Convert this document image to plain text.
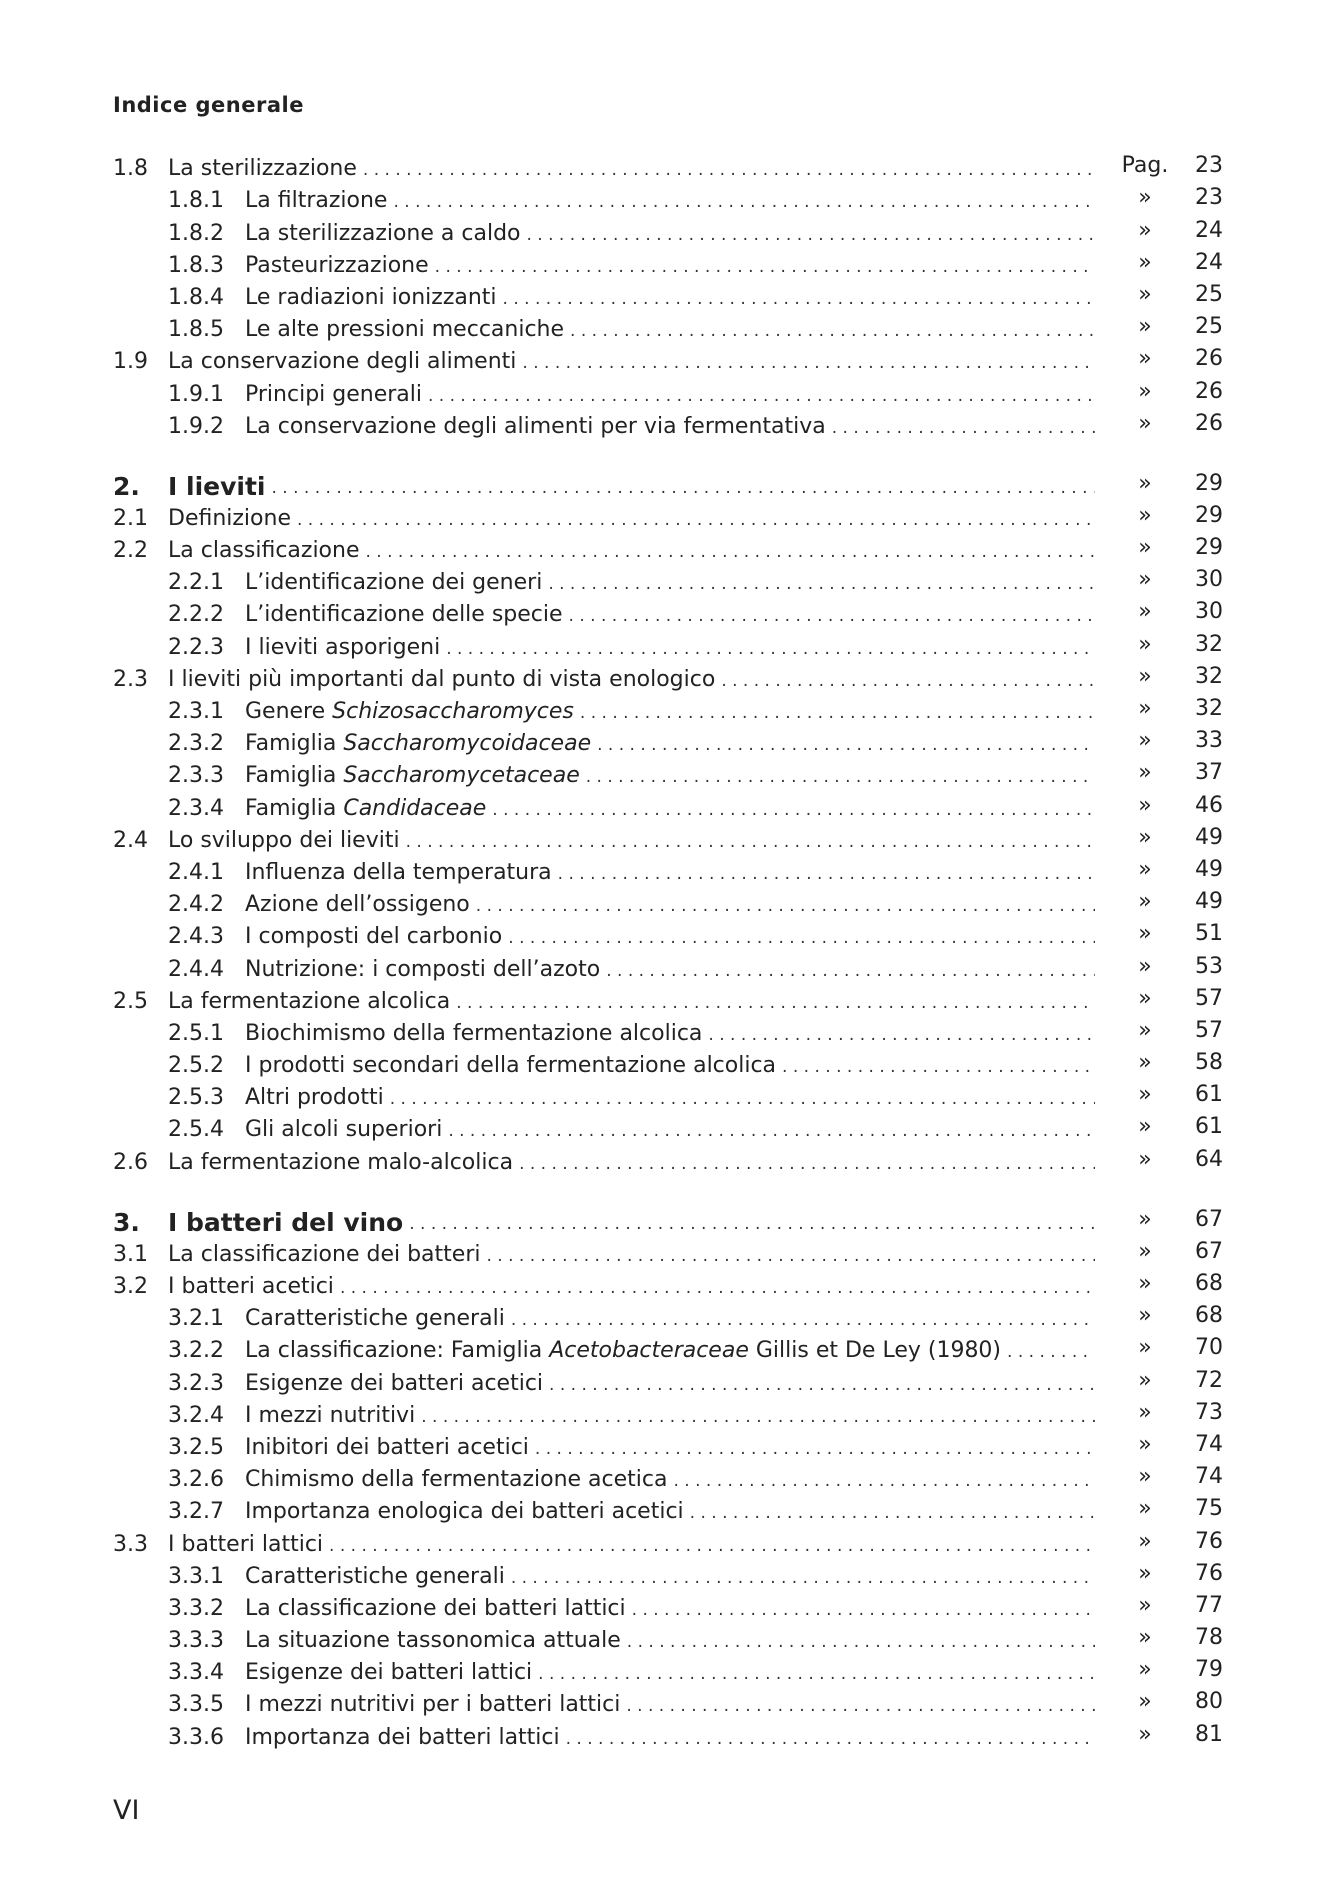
Indice generale
1.8 La sterilizzazione . . .	Pag.	23
1.8.1 La filtrazione . . .	»	23
1.8.2 La sterilizzazione a caldo . . .	»	24
1.8.3 Pasteurizzazione . . .	»	24
1.8.4 Le radiazioni ionizzanti . . .	»	25
1.8.5 Le alte pressioni meccaniche . . .	»	25
1.9 La conservazione degli alimenti . . .	»	26
1.9.1 Principi generali . . .	»	26
1.9.2 La conservazione degli alimenti per via fermentativa . . .	»	26
2.	I lieviti . . .	»	29
2.1 Definizione . . .	»	29
2.2 La classificazione . . .	»	29
2.2.1 L’identificazione dei generi . . .	»	30
2.2.2 L’identificazione delle specie . . .	»	30
2.2.3 I lieviti asporigeni . . .	»	32
2.3 I lieviti più importanti dal punto di vista enologico . . .	»	32
2.3.1 Genere Schizosaccharomyces . . .	»	32
2.3.2 Famiglia Saccharomycoidaceae . . .	»	33
2.3.3 Famiglia Saccharomycetaceae . . .	»	37
2.3.4 Famiglia Candidaceae . . .	»	46
2.4 Lo sviluppo dei lieviti . . .	»	49
2.4.1 Influenza della temperatura . . .	»	49
2.4.2 Azione dell’ossigeno . . .	»	49
2.4.3 I composti del carbonio . . .	»	51
2.4.4 Nutrizione: i composti dell’azoto . . .	»	53
2.5 La fermentazione alcolica . . .	»	57
2.5.1 Biochimismo della fermentazione alcolica . . .	»	57
2.5.2 I prodotti secondari della fermentazione alcolica . . .	»	58
2.5.3 Altri prodotti . . .	»	61
2.5.4 Gli alcoli superiori . . .	»	61
2.6 La fermentazione malo-alcolica . . .	»	64
3.	I batteri del vino . . .	»	67
3.1 La classificazione dei batteri . . .	»	67
3.2 I batteri acetici . . .	»	68
3.2.1 Caratteristiche generali . . .	»	68
3.2.2 La classificazione: Famiglia Acetobacteraceae Gillis et De Ley (1980) . . .	»	70
3.2.3 Esigenze dei batteri acetici . . .	»	72
3.2.4 I mezzi nutritivi . . .	»	73
3.2.5 Inibitori dei batteri acetici . . .	»	74
3.2.6 Chimismo della fermentazione acetica . . .	»	74
3.2.7 Importanza enologica dei batteri acetici . . .	»	75
3.3 I batteri lattici . . .	»	76
3.3.1 Caratteristiche generali . . .	»	76
3.3.2 La classificazione dei batteri lattici . . .	»	77
3.3.3 La situazione tassonomica attuale . . .	»	78
3.3.4 Esigenze dei batteri lattici . . .	»	79
3.3.5 I mezzi nutritivi per i batteri lattici . . .	»	80
3.3.6 Importanza dei batteri lattici . . .	»	81
VI
